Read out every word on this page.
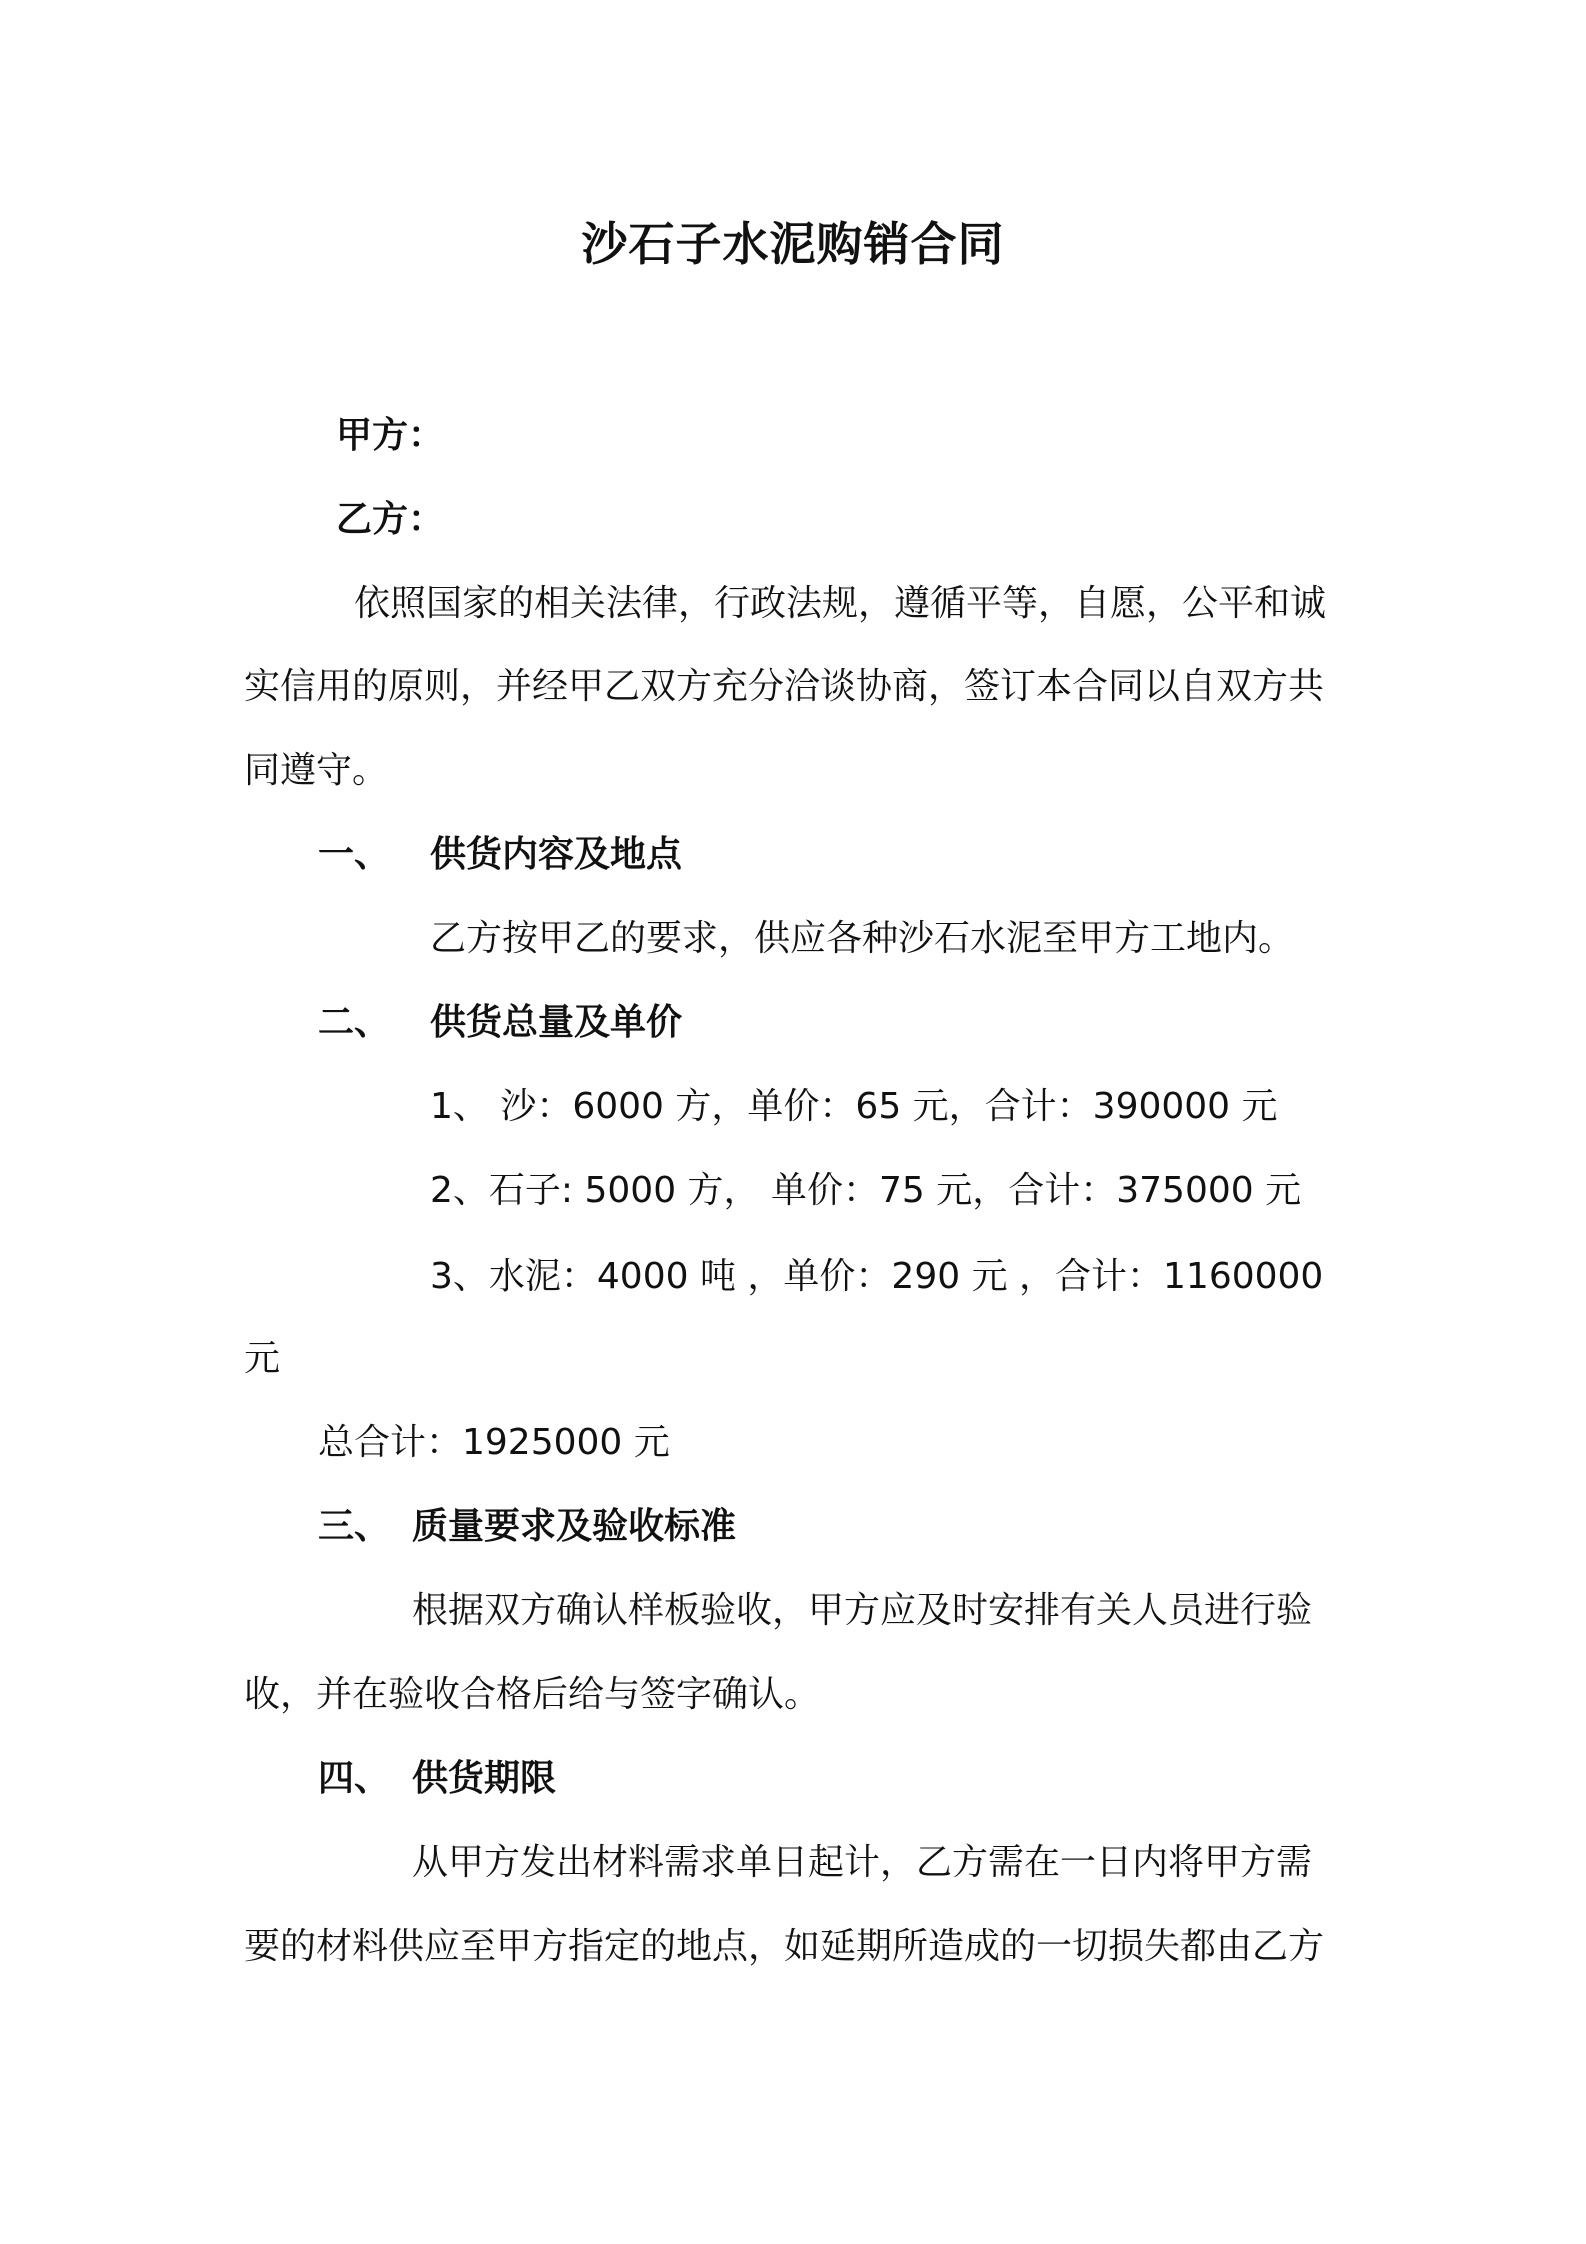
沙石子水泥购销合同
甲方：
乙方：
依照国家的相关法律，行政法规，遵循平等，自愿，公平和诚
实信用的原则，并经甲乙双方充分洽谈协商，签订本合同以自双方共
同遵守。
一、 供货内容及地点
乙方按甲乙的要求，供应各种沙石水泥至甲方工地内。
二、 供货总量及单价
1、 沙：6000 方，单价：65 元，合计：390000 元
2、石子: 5000 方， 单价：75 元，合计：375000 元
3、水泥：4000 吨 ，单价：290 元 ，合计：1160000
元
总合计：1925000 元
三、 质量要求及验收标准
根据双方确认样板验收，甲方应及时安排有关人员进行验
收，并在验收合格后给与签字确认。
四、 供货期限
从甲方发出材料需求单日起计，乙方需在一日内将甲方需
要的材料供应至甲方指定的地点，如延期所造成的一切损失都由乙方
